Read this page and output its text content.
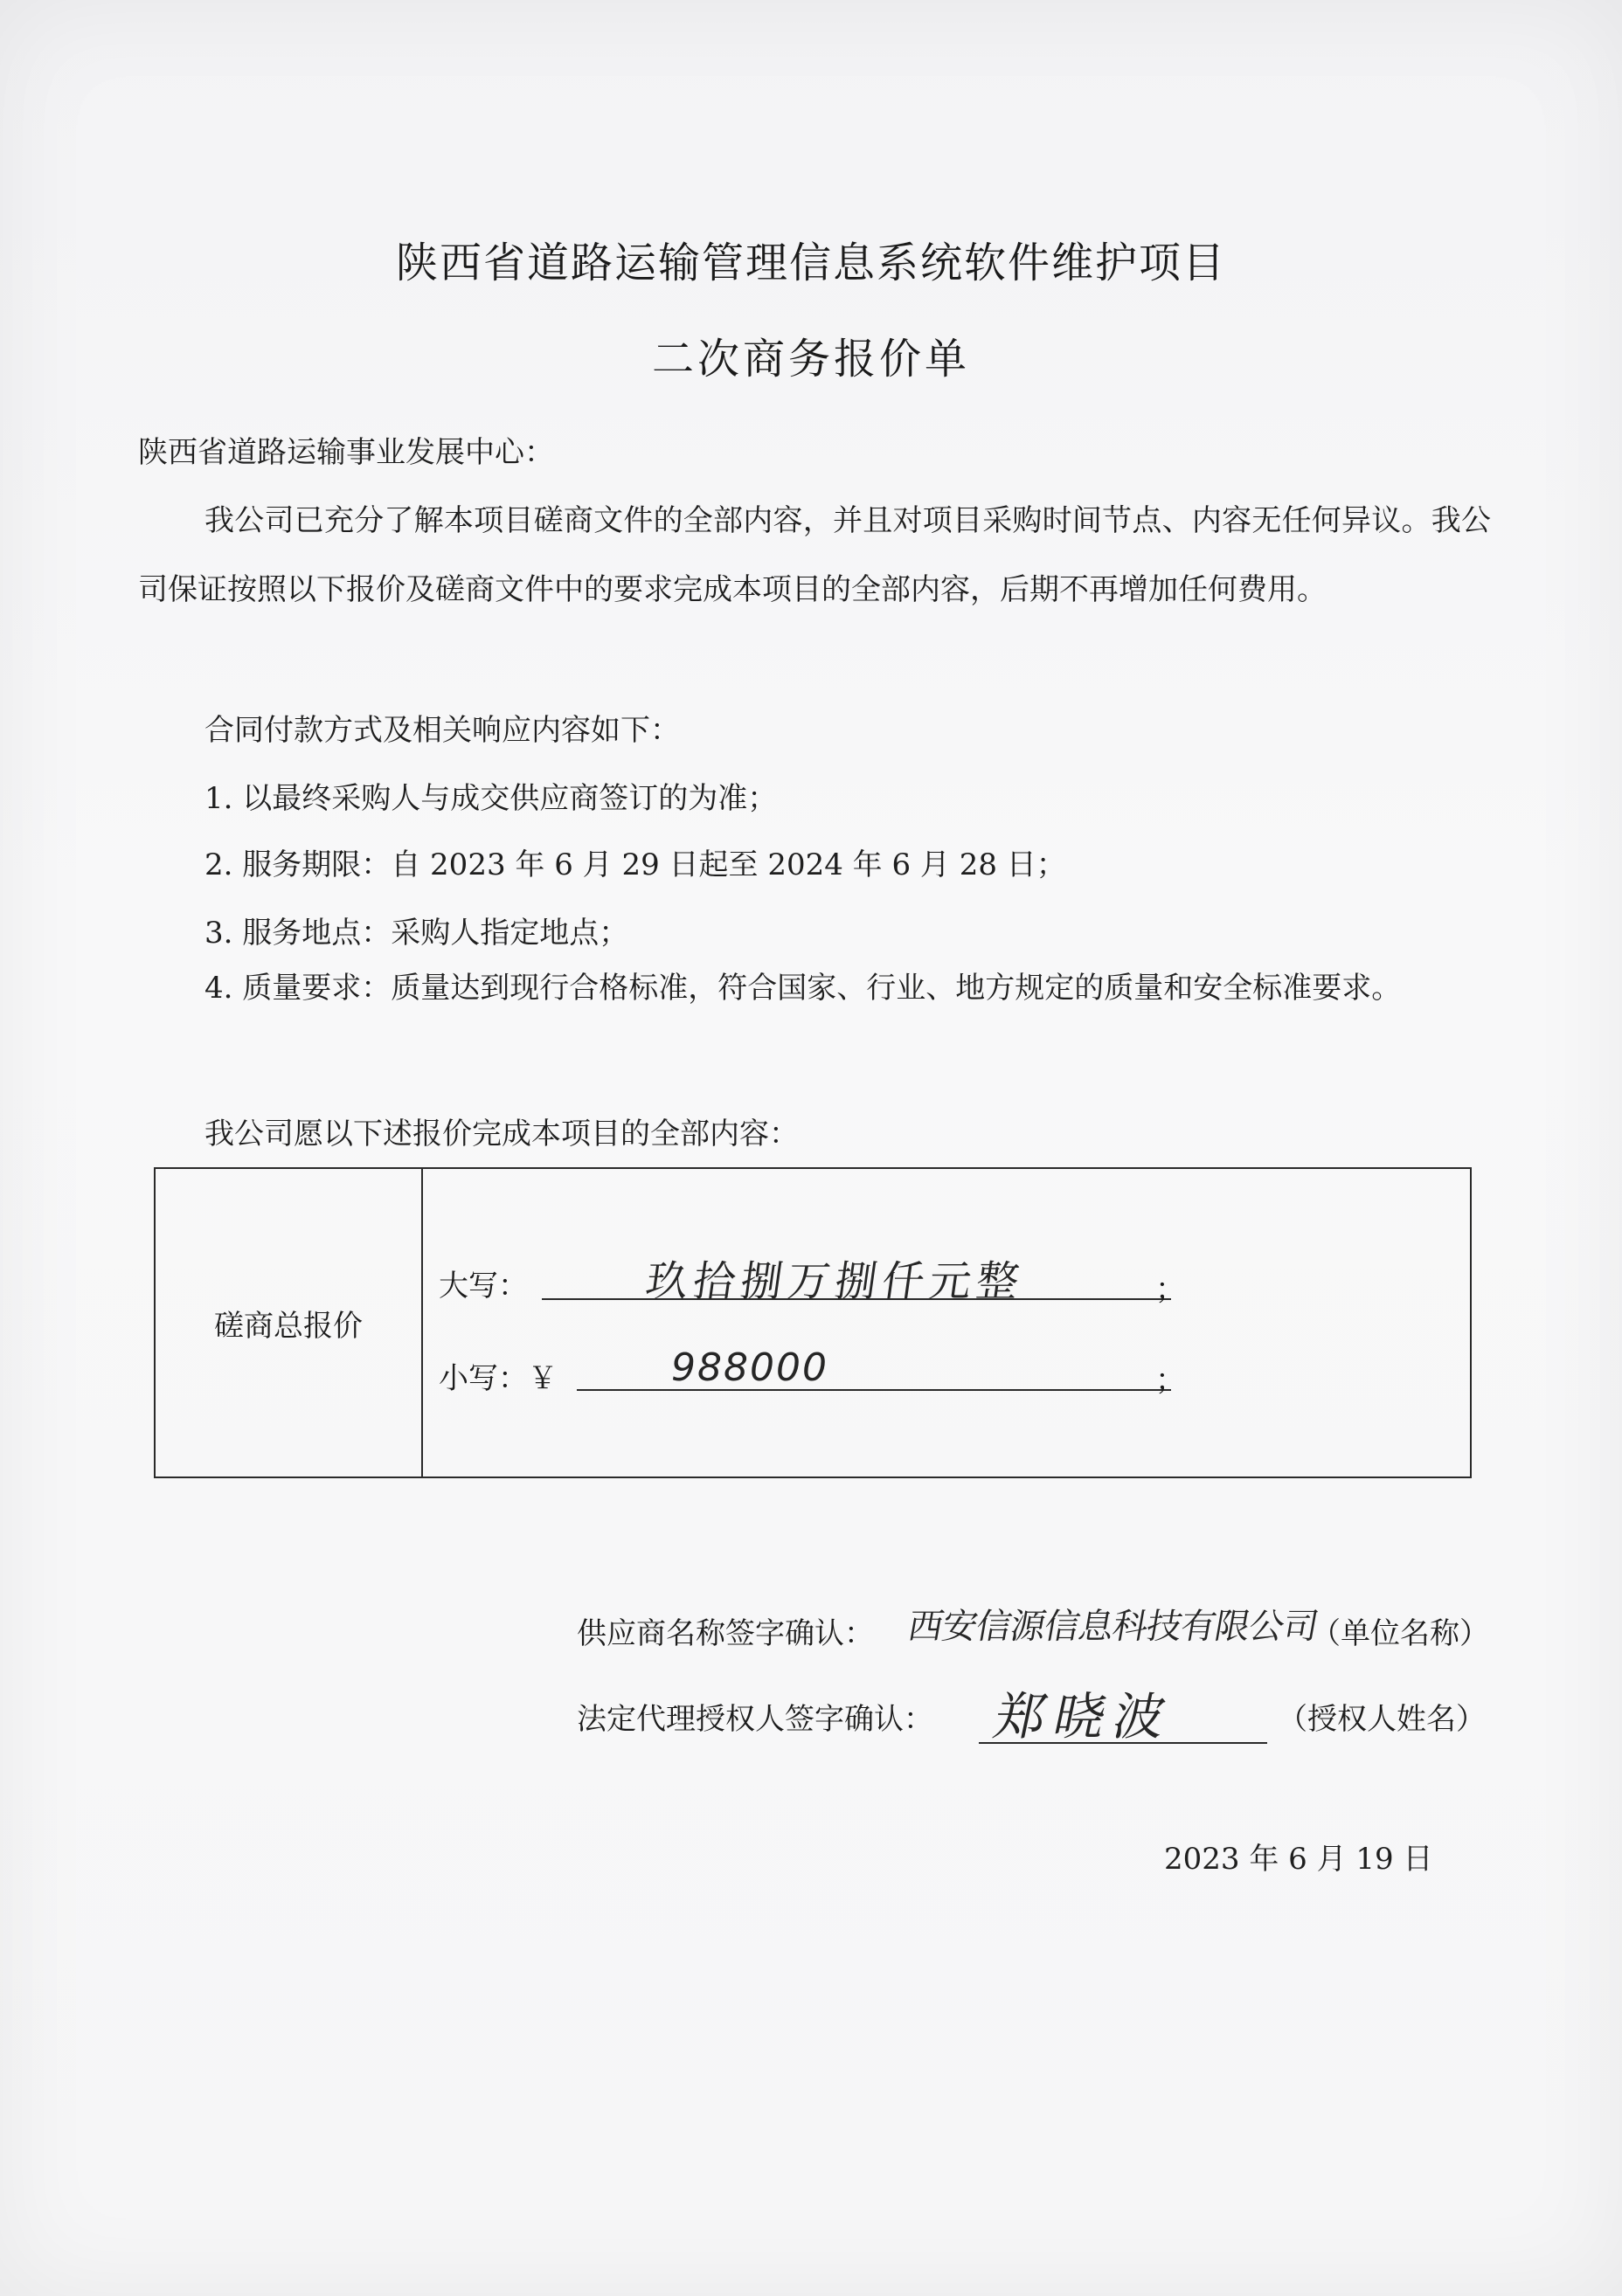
陕西省道路运输管理信息系统软件维护项目
二次商务报价单
陕西省道路运输事业发展中心：
我公司已充分了解本项目磋商文件的全部内容，并且对项目采购时间节点、内容无任何异议。我公司保证按照以下报价及磋商文件中的要求完成本项目的全部内容，后期不再增加任何费用。
合同付款方式及相关响应内容如下：
1. 以最终采购人与成交供应商签订的为准；
2. 服务期限：自 2023 年 6 月 29 日起至 2024 年 6 月 28 日；
3. 服务地点：采购人指定地点；
4. 质量要求：质量达到现行合格标准，符合国家、行业、地方规定的质量和安全标准要求。
我公司愿以下述报价完成本项目的全部内容：
磋商总报价
大写：	玖拾捌万捌仟元整	；
小写：￥	988000	；
供应商名称签字确认： 西安信源信息科技有限公司
（单位名称）
法定代理授权人签字确认： 郑晓波	（授权人姓名）
2023 年 6 月 19 日
